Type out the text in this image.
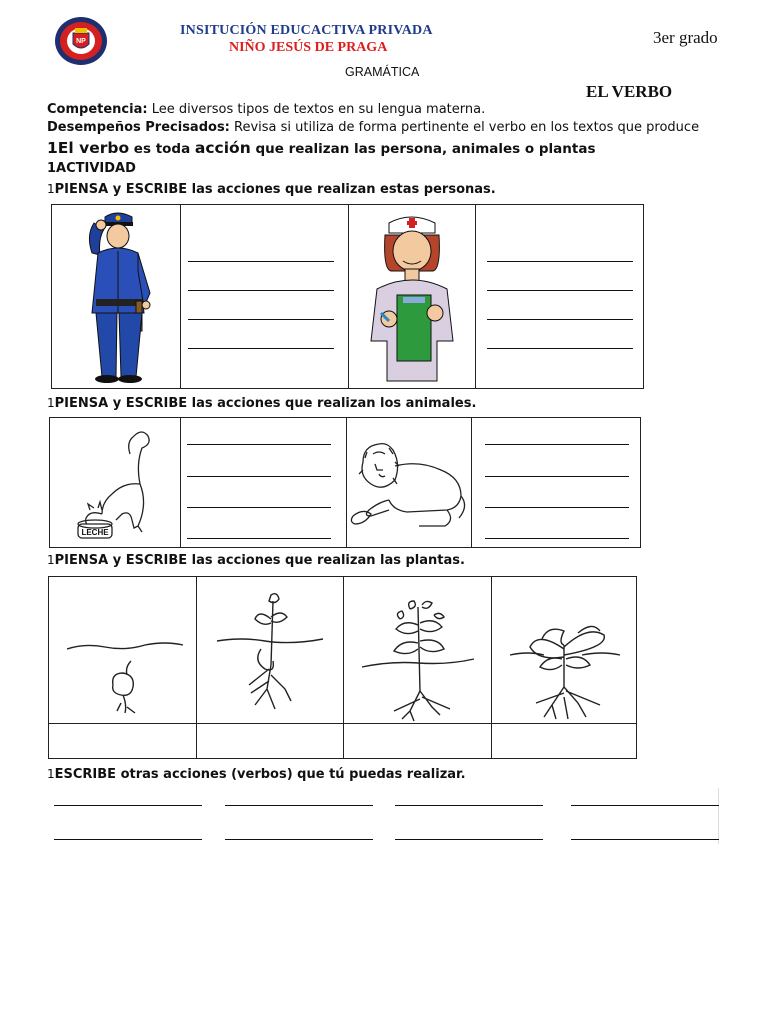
NP
INSITUCIÓN EDUCACTIVA PRIVADA
NIÑO JESÚS DE PRAGA
3er grado
GRAMÁTICA
EL VERBO
Competencia: Lee diversos tipos de textos en su lengua materna.
Desempeños Precisados: Revisa si utiliza de forma pertinente el verbo en los textos que produce
1El verbo es toda acción que realizan las persona, animales o plantas
1ACTIVIDAD
1PIENSA y ESCRIBE las acciones que realizan estas personas.
1PIENSA y ESCRIBE las acciones que realizan los animales.
LECHE
1PIENSA y ESCRIBE las acciones que realizan las plantas.
1ESCRIBE otras acciones (verbos) que tú puedas realizar.
